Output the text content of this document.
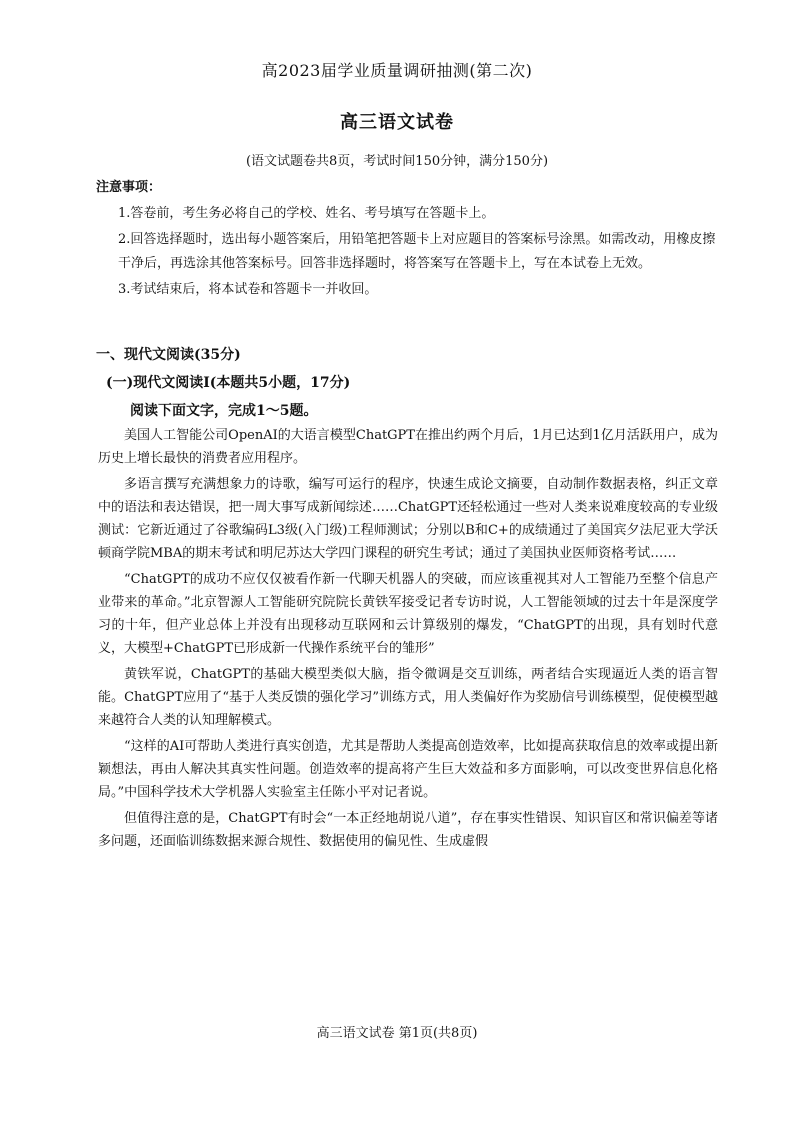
高2023届学业质量调研抽测(第二次)
高三语文试卷
(语文试题卷共8页，考试时间150分钟，满分150分)

注意事项：

1.答卷前，考生务必将自己的学校、姓名、考号填写在答题卡上。

2.回答选择题时，选出每小题答案后，用铅笔把答题卡上对应题目的答案标号涂黑。如需改动，用橡皮擦干净后，再选涂其他答案标号。回答非选择题时，将答案写在答题卡上，写在本试卷上无效。

3.考试结束后，将本试卷和答题卡一并收回。

一、现代文阅读(35分)
(一)现代文阅读Ⅰ(本题共5小题，17分)
阅读下面文字，完成1～5题。

美国人工智能公司OpenAI的大语言模型ChatGPT在推出约两个月后，1月已达到1亿月活跃用户，成为历史上增长最快的消费者应用程序。

多语言撰写充满想象力的诗歌，编写可运行的程序，快速生成论文摘要，自动制作数据表格，纠正文章中的语法和表达错误，把一周大事写成新闻综述……ChatGPT还轻松通过一些对人类来说难度较高的专业级测试：它新近通过了谷歌编码L3级(入门级)工程师测试；分别以B和C+的成绩通过了美国宾夕法尼亚大学沃顿商学院MBA的期末考试和明尼苏达大学四门课程的研究生考试；通过了美国执业医师资格考试……

“ChatGPT的成功不应仅仅被看作新一代聊天机器人的突破，而应该重视其对人工智能乃至整个信息产业带来的革命。”北京智源人工智能研究院院长黄铁军接受记者专访时说，人工智能领域的过去十年是深度学习的十年，但产业总体上并没有出现移动互联网和云计算级别的爆发，“ChatGPT的出现，具有划时代意义，大模型+ChatGPT已形成新一代操作系统平台的雏形”

黄铁军说，ChatGPT的基础大模型类似大脑，指令微调是交互训练，两者结合实现逼近人类的语言智能。ChatGPT应用了“基于人类反馈的强化学习”训练方式，用人类偏好作为奖励信号训练模型，促使模型越来越符合人类的认知理解模式。

“这样的AI可帮助人类进行真实创造，尤其是帮助人类提高创造效率，比如提高获取信息的效率或提出新颖想法，再由人解决其真实性问题。创造效率的提高将产生巨大效益和多方面影响，可以改变世界信息化格局。”中国科学技术大学机器人实验室主任陈小平对记者说。

但值得注意的是，ChatGPT有时会“一本正经地胡说八道”，存在事实性错误、知识盲区和常识偏差等诸多问题，还面临训练数据来源合规性、数据使用的偏见性、生成虚假

高三语文试卷 第1页(共8页)
